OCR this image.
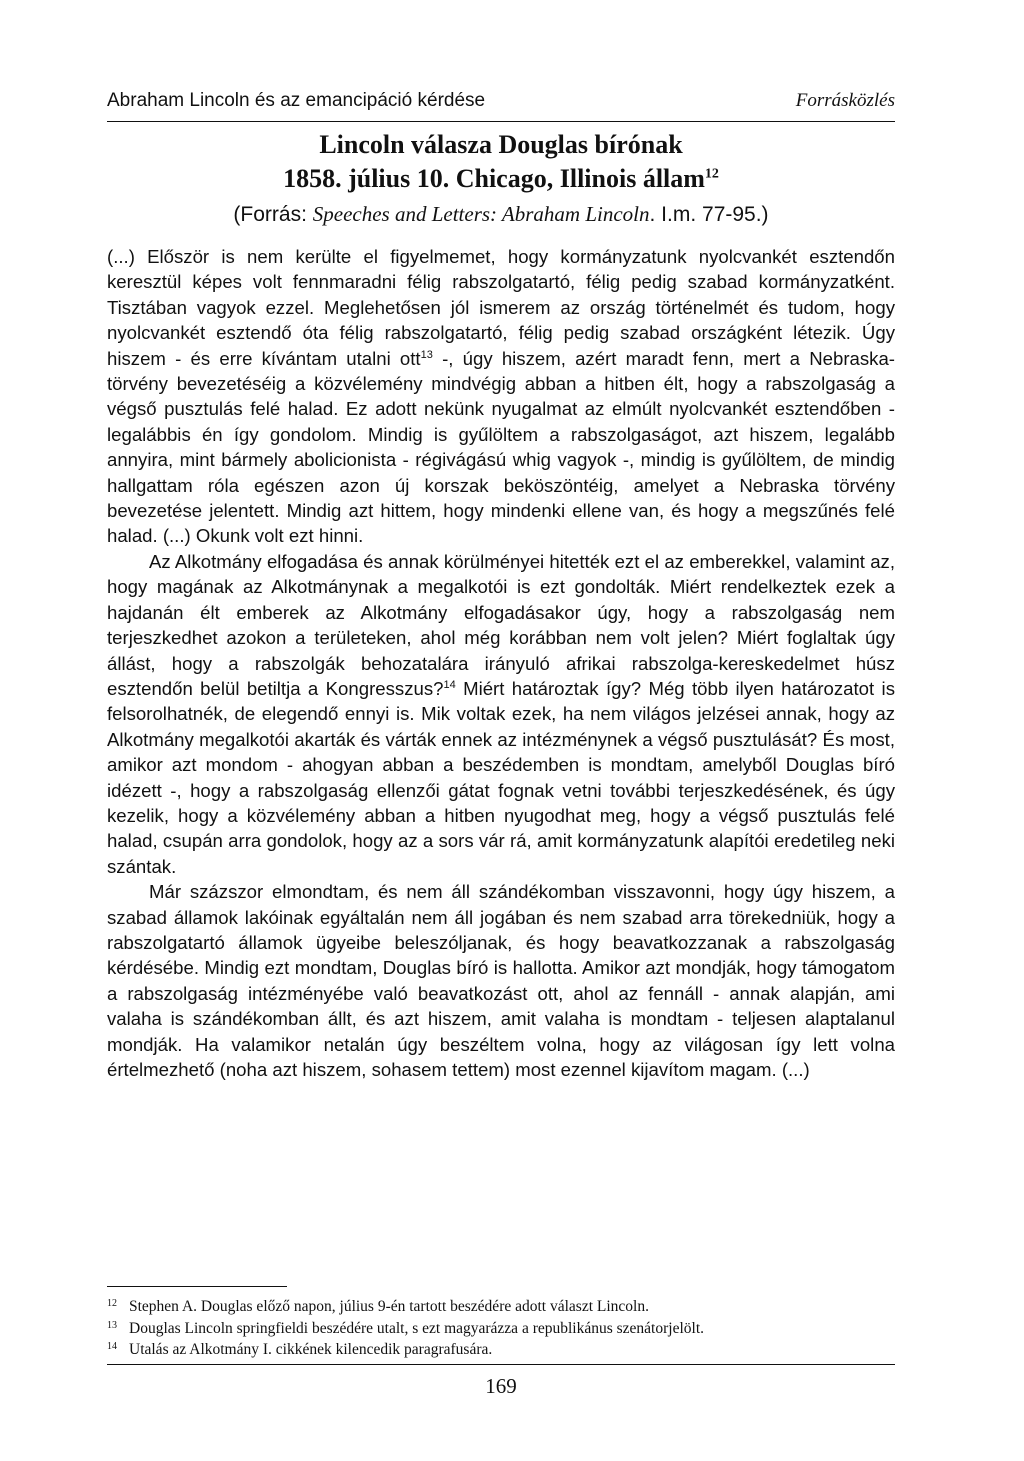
Abraham Lincoln és az emancipáció kérdése	Forrásközlés
Lincoln válasza Douglas bírónak
1858. július 10. Chicago, Illinois állam$^{12}$
(Forrás: Speeches and Letters: Abraham Lincoln. I.m. 77-95.)

(...) Először is nem kerülte el figyelmemet, hogy kormányzatunk nyolcvankét esztendőn keresztül képes volt fennmaradni félig rabszolgatartó, félig pedig szabad kormányzatként. Tisztában vagyok ezzel. Meglehetősen jól ismerem az ország történelmét és tudom, hogy nyolcvankét esztendő óta félig rabszolgatartó, félig pedig szabad országként létezik. Úgy hiszem - és erre kívántam utalni ott$^{13}$ -, úgy hiszem, azért maradt fenn, mert a Nebraska-törvény bevezetéséig a közvélemény mindvégig abban a hitben élt, hogy a rabszolgaság a végső pusztulás felé halad. Ez adott nekünk nyugalmat az elmúlt nyolcvankét esztendőben - legalábbis én így gondolom. Mindig is gyűlöltem a rabszolgaságot, azt hiszem, legalább annyira, mint bármely abolicionista - régivágású whig vagyok -, mindig is gyűlöltem, de mindig hallgattam róla egészen azon új korszak beköszöntéig, amelyet a Nebraska törvény bevezetése jelentett. Mindig azt hittem, hogy mindenki ellene van, és hogy a megszűnés felé halad. (...) Okunk volt ezt hinni.

Az Alkotmány elfogadása és annak körülményei hitették ezt el az emberekkel, valamint az, hogy magának az Alkotmánynak a megalkotói is ezt gondolták. Miért rendelkeztek ezek a hajdanán élt emberek az Alkotmány elfogadásakor úgy, hogy a rabszolgaság nem terjeszkedhet azokon a területeken, ahol még korábban nem volt jelen? Miért foglaltak úgy állást, hogy a rabszolgák behozatalára irányuló afrikai rabszolga-kereskedelmet húsz esztendőn belül betiltja a Kongresszus?$^{14}$ Miért határoztak így? Még több ilyen határozatot is felsorolhatnék, de elegendő ennyi is. Mik voltak ezek, ha nem világos jelzései annak, hogy az Alkotmány megalkotói akarták és várták ennek az intézménynek a végső pusztulását? És most, amikor azt mondom - ahogyan abban a beszédemben is mondtam, amelyből Douglas bíró idézett -, hogy a rabszolgaság ellenzői gátat fognak vetni további terjeszkedésének, és úgy kezelik, hogy a közvélemény abban a hitben nyugodhat meg, hogy a végső pusztulás felé halad, csupán arra gondolok, hogy az a sors vár rá, amit kormányzatunk alapítói eredetileg neki szántak.

Már százszor elmondtam, és nem áll szándékomban visszavonni, hogy úgy hiszem, a szabad államok lakóinak egyáltalán nem áll jogában és nem szabad arra törekedniük, hogy a rabszolgatartó államok ügyeibe beleszóljanak, és hogy beavatkozzanak a rabszolgaság kérdésébe. Mindig ezt mondtam, Douglas bíró is hallotta. Amikor azt mondják, hogy támogatom a rabszolgaság intézményébe való beavatkozást ott, ahol az fennáll - annak alapján, ami valaha is szándékomban állt, és azt hiszem, amit valaha is mondtam - teljesen alaptalanul mondják. Ha valamikor netalán úgy beszéltem volna, hogy az világosan így lett volna értelmezhető (noha azt hiszem, sohasem tettem) most ezennel kijavítom magam. (...)

12 Stephen A. Douglas előző napon, július 9-én tartott beszédére adott választ Lincoln.
13 Douglas Lincoln springfieldi beszédére utalt, s ezt magyarázza a republikánus szenátorjelölt.
14 Utalás az Alkotmány I. cikkének kilencedik paragrafusára.
169
